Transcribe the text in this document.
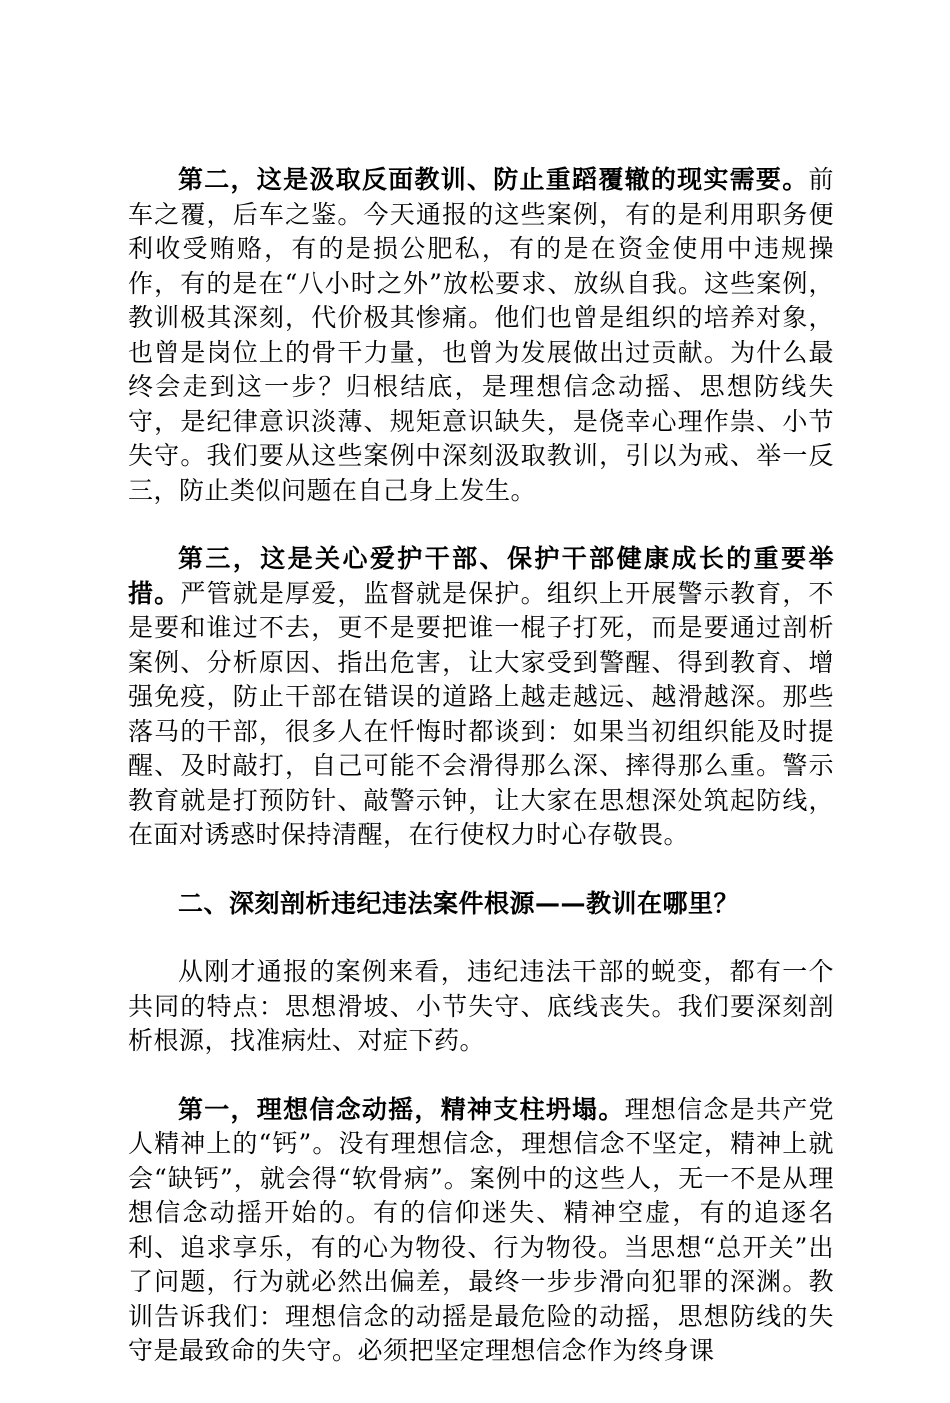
第二，这是汲取反面教训、防止重蹈覆辙的现实需要。前车之覆，后车之鉴。今天通报的这些案例，有的是利用职务便利收受贿赂，有的是损公肥私，有的是在资金使用中违规操作，有的是在“八小时之外”放松要求、放纵自我。这些案例，教训极其深刻，代价极其惨痛。他们也曾是组织的培养对象，也曾是岗位上的骨干力量，也曾为发展做出过贡献。为什么最终会走到这一步？归根结底，是理想信念动摇、思想防线失守，是纪律意识淡薄、规矩意识缺失，是侥幸心理作祟、小节失守。我们要从这些案例中深刻汲取教训，引以为戒、举一反三，防止类似问题在自己身上发生。

第三，这是关心爱护干部、保护干部健康成长的重要举措。严管就是厚爱，监督就是保护。组织上开展警示教育，不是要和谁过不去，更不是要把谁一棍子打死，而是要通过剖析案例、分析原因、指出危害，让大家受到警醒、得到教育、增强免疫，防止干部在错误的道路上越走越远、越滑越深。那些落马的干部，很多人在忏悔时都谈到：如果当初组织能及时提醒、及时敲打，自己可能不会滑得那么深、摔得那么重。警示教育就是打预防针、敲警示钟，让大家在思想深处筑起防线，在面对诱惑时保持清醒，在行使权力时心存敬畏。

二、深刻剖析违纪违法案件根源——教训在哪里？

从刚才通报的案例来看，违纪违法干部的蜕变，都有一个共同的特点：思想滑坡、小节失守、底线丧失。我们要深刻剖析根源，找准病灶、对症下药。

第一，理想信念动摇，精神支柱坍塌。理想信念是共产党人精神上的“钙”。没有理想信念，理想信念不坚定，精神上就会“缺钙”，就会得“软骨病”。案例中的这些人，无一不是从理想信念动摇开始的。有的信仰迷失、精神空虚，有的追逐名利、追求享乐，有的心为物役、行为物役。当思想“总开关”出了问题，行为就必然出偏差，最终一步步滑向犯罪的深渊。教训告诉我们：理想信念的动摇是最危险的动摇，思想防线的失守是最致命的失守。必须把坚定理想信念作为终身课
